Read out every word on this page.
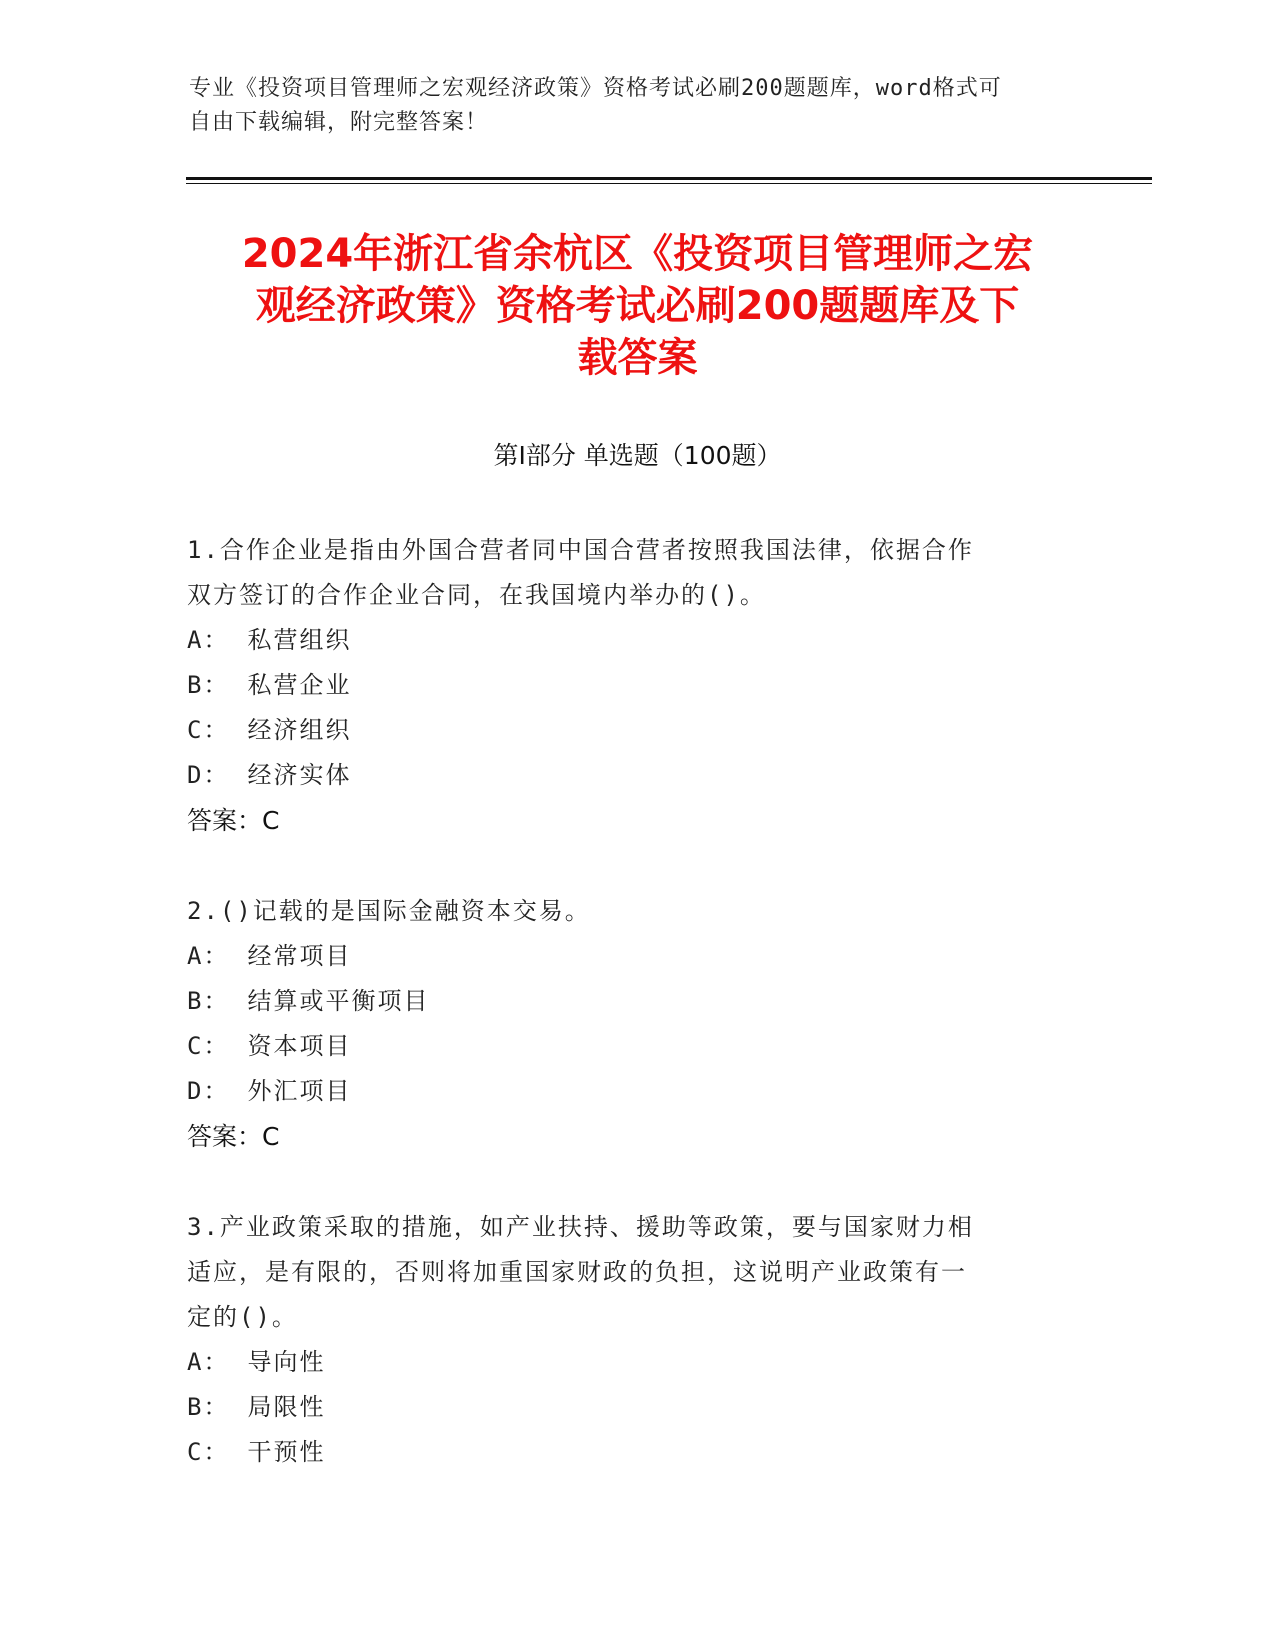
专业《投资项目管理师之宏观经济政策》资格考试必刷200题题库，word格式可
自由下载编辑，附完整答案！
2024年浙江省余杭区《投资项目管理师之宏
观经济政策》资格考试必刷200题题库及下
载答案
第Ⅰ部分 单选题（100题）

1.合作企业是指由外国合营者同中国合营者按照我国法律，依据合作

双方签订的合作企业合同，在我国境内举办的()。

A： 私营组织

B： 私营企业

C： 经济组织

D： 经济实体

答案：C

2.()记载的是国际金融资本交易。

A： 经常项目

B： 结算或平衡项目

C： 资本项目

D： 外汇项目

答案：C

3.产业政策采取的措施，如产业扶持、援助等政策，要与国家财力相

适应，是有限的，否则将加重国家财政的负担，这说明产业政策有一

定的()。

A： 导向性

B： 局限性

C： 干预性
